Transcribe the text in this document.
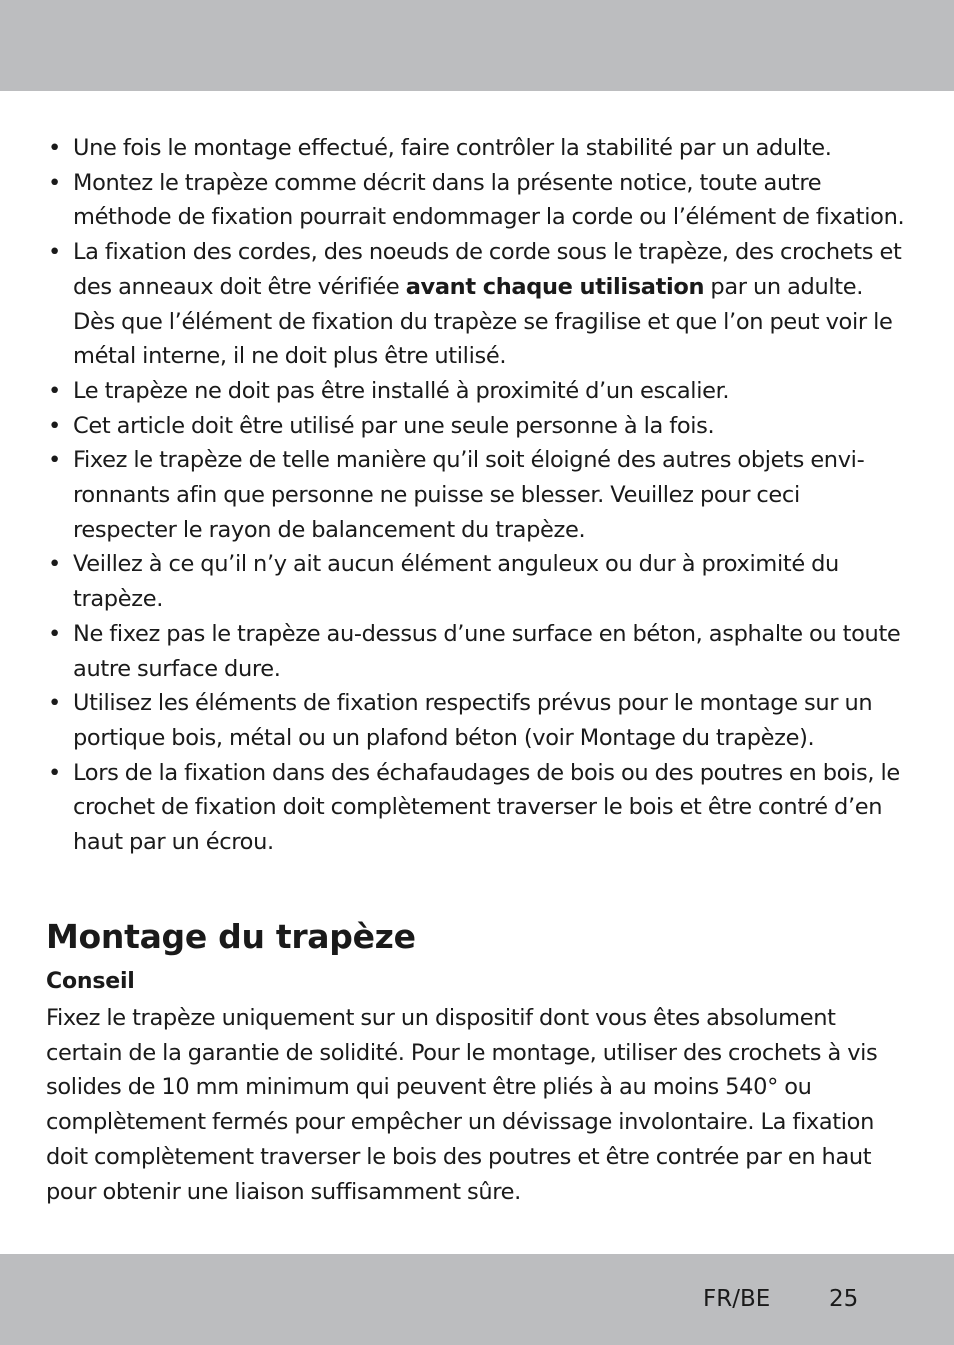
• Une fois le montage effectué, faire contrôler la stabilité par un adulte.
• Montez le trapèze comme décrit dans la présente notice, toute autre méthode de fixation pourrait endommager la corde ou l’élément de fixation.
• La fixation des cordes, des noeuds de corde sous le trapèze, des crochets et des anneaux doit être vérifiée avant chaque utilisation par un adulte. Dès que l’élément de fixation du trapèze se fragilise et que l’on peut voir le métal interne, il ne doit plus être utilisé.
• Le trapèze ne doit pas être installé à proximité d’un escalier.
• Cet article doit être utilisé par une seule personne à la fois.
• Fixez le trapèze de telle manière qu’il soit éloigné des autres objets environnants afin que personne ne puisse se blesser. Veuillez pour ceci respecter le rayon de balancement du trapèze.
• Veillez à ce qu’il n’y ait aucun élément anguleux ou dur à proximité du trapèze.
• Ne fixez pas le trapèze au-dessus d’une surface en béton, asphalte ou toute autre surface dure.
• Utilisez les éléments de fixation respectifs prévus pour le montage sur un portique bois, métal ou un plafond béton (voir Montage du trapèze).
• Lors de la fixation dans des échafaudages de bois ou des poutres en bois, le crochet de fixation doit complètement traverser le bois et être contré d’en haut par un écrou.
Montage du trapèze
Conseil

Fixez le trapèze uniquement sur un dispositif dont vous êtes absolument certain de la garantie de solidité. Pour le montage, utiliser des crochets à vis solides de 10 mm minimum qui peuvent être pliés à au moins 540° ou complètement fermés pour empêcher un dévissage involontaire. La fixation doit complètement traverser le bois des poutres et être contrée par en haut pour obtenir une liaison suffisamment sûre.

FR/BE	25
